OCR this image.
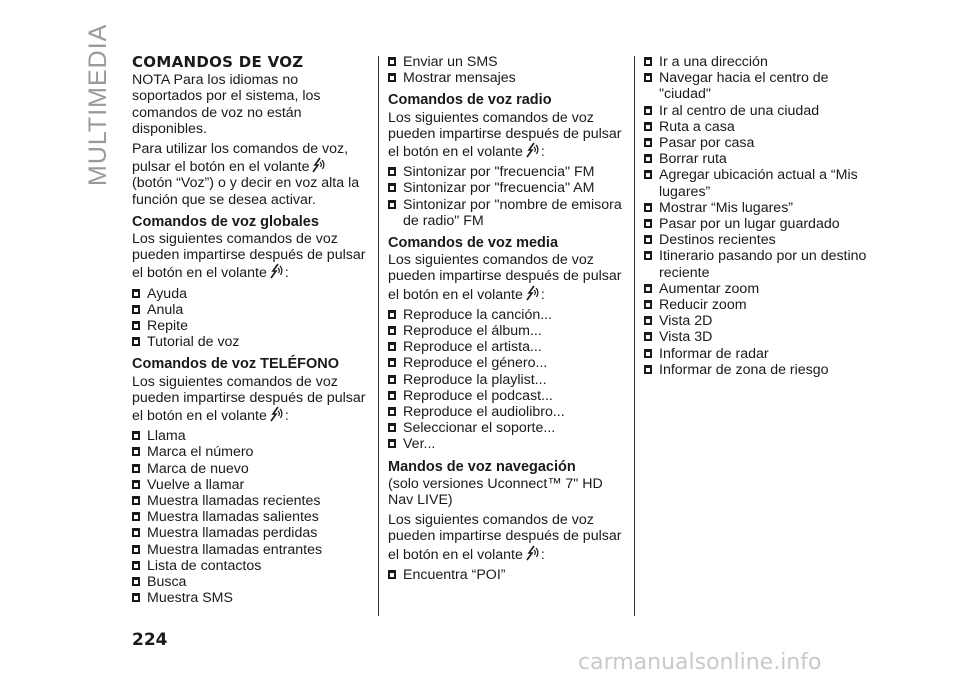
MULTIMEDIA COMANDOS DE VOZ

NOTA Para los idiomas no soportados por el sistema, los comandos de voz no están disponibles.

Para utilizar los comandos de voz, pulsar el botón en el volante (botón “Voz”) o y decir en voz alta la función que se desea activar.

Comandos de voz globales

Los siguientes comandos de voz pueden impartirse después de pulsar el botón en el volante :

Ayuda
Anula
Repite
Tutorial de voz
Comandos de voz TELÉFONO

Los siguientes comandos de voz pueden impartirse después de pulsar el botón en el volante :

Llama
Marca el número
Marca de nuevo
Vuelve a llamar
Muestra llamadas recientes
Muestra llamadas salientes
Muestra llamadas perdidas
Muestra llamadas entrantes
Lista de contactos
Busca
Muestra SMS
Enviar un SMS
Mostrar mensajes
Comandos de voz radio

Los siguientes comandos de voz pueden impartirse después de pulsar el botón en el volante :

Sintonizar por "frecuencia" FM
Sintonizar por "frecuencia" AM
Sintonizar por "nombre de emisora de radio" FM
Comandos de voz media

Los siguientes comandos de voz pueden impartirse después de pulsar el botón en el volante :

Reproduce la canción...
Reproduce el álbum...
Reproduce el artista...
Reproduce el género...
Reproduce la playlist...
Reproduce el podcast...
Reproduce el audiolibro...
Seleccionar el soporte...
Ver...
Mandos de voz navegación

(solo versiones Uconnect™ 7" HD Nav LIVE)

Los siguientes comandos de voz pueden impartirse después de pulsar el botón en el volante :

Encuentra “POI”
Ir a una dirección
Navegar hacia el centro de "ciudad"
Ir al centro de una ciudad
Ruta a casa
Pasar por casa
Borrar ruta
Agregar ubicación actual a “Mis lugares”
Mostrar “Mis lugares”
Pasar por un lugar guardado
Destinos recientes
Itinerario pasando por un destino reciente
Aumentar zoom
Reducir zoom
Vista 2D
Vista 3D
Informar de radar
Informar de zona de riesgo
224
carmanualsonline.info
